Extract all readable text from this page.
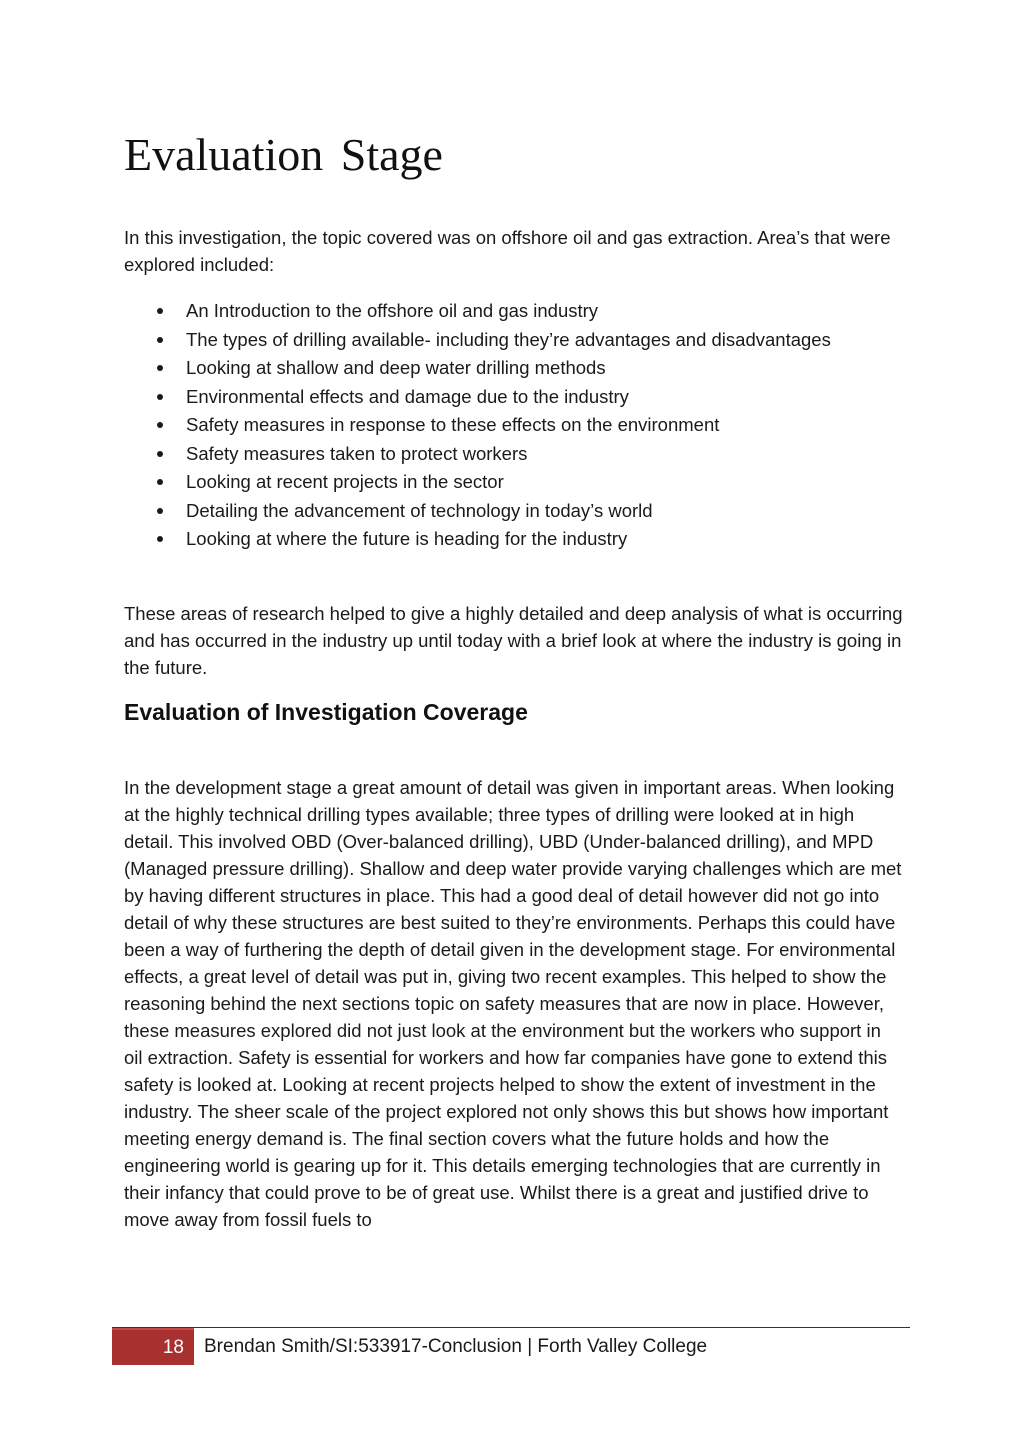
Evaluation Stage

In this investigation, the topic covered was on offshore oil and gas extraction. Area’s that were explored included:

An Introduction to the offshore oil and gas industry
The types of drilling available- including they’re advantages and disadvantages
Looking at shallow and deep water drilling methods
Environmental effects and damage due to the industry
Safety measures in response to these effects on the environment
Safety measures taken to protect workers
Looking at recent projects in the sector
Detailing the advancement of technology in today’s world
Looking at where the future is heading for the industry

These areas of research helped to give a highly detailed and deep analysis of what is occurring and has occurred in the industry up until today with a brief look at where the industry is going in the future.

Evaluation of Investigation Coverage

In the development stage a great amount of detail was given in important areas. When looking at the highly technical drilling types available; three types of drilling were looked at in high detail. This involved OBD (Over-balanced drilling), UBD (Under-balanced drilling), and MPD (Managed pressure drilling). Shallow and deep water provide varying challenges which are met by having different structures in place. This had a good deal of detail however did not go into detail of why these structures are best suited to they’re environments. Perhaps this could have been a way of furthering the depth of detail given in the development stage. For environmental effects, a great level of detail was put in, giving two recent examples. This helped to show the reasoning behind the next sections topic on safety measures that are now in place. However, these measures explored did not just look at the environment but the workers who support in oil extraction. Safety is essential for workers and how far companies have gone to extend this safety is looked at. Looking at recent projects helped to show the extent of investment in the industry. The sheer scale of the project explored not only shows this but shows how important meeting energy demand is. The final section covers what the future holds and how the engineering world is gearing up for it. This details emerging technologies that are currently in their infancy that could prove to be of great use. Whilst there is a great and justified drive to move away from fossil fuels to

18 Brendan Smith/SI:533917-Conclusion | Forth Valley College
